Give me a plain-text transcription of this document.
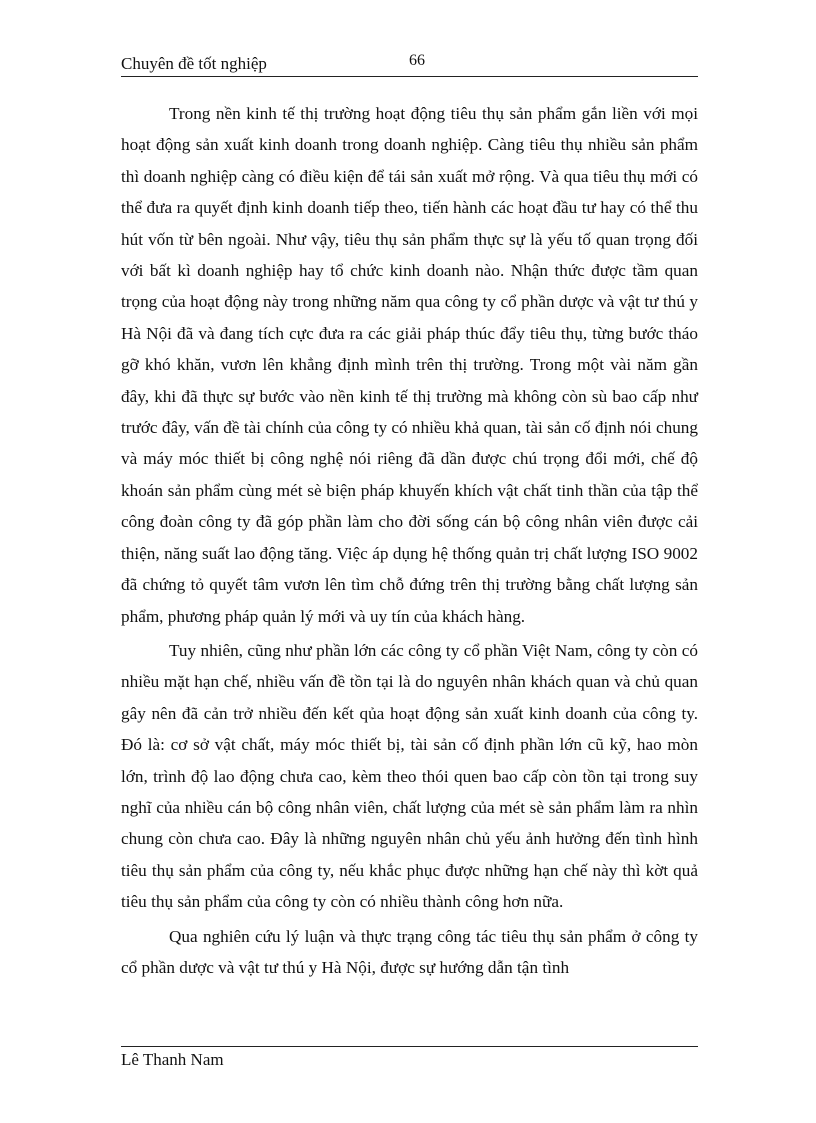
Chuyên đề tốt nghiệp	66

Trong nền kinh tế thị trường hoạt động tiêu thụ sản phẩm gắn liền với mọi hoạt động sản xuất kinh doanh trong doanh nghiệp. Càng tiêu thụ nhiều sản phẩm thì doanh nghiệp càng có điều kiện để tái sản xuất mở rộng. Và qua tiêu thụ mới có thể đưa ra quyết định kinh doanh tiếp theo, tiến hành các hoạt đầu tư hay có thể thu hút vốn từ bên ngoài. Như vậy, tiêu thụ sản phẩm thực sự là yếu tố quan trọng đối với bất kì doanh nghiệp hay tổ chức kinh doanh nào. Nhận thức được tầm quan trọng của hoạt động này trong những năm qua công ty cổ phần dược và vật tư thú y Hà Nội đã và đang tích cực đưa ra các giải pháp thúc đẩy tiêu thụ, từng bước tháo gỡ khó khăn, vươn lên khẳng định mình trên thị trường. Trong một vài năm gần đây, khi đã thực sự bước vào nền kinh tế thị trường mà không còn sù bao cấp như trước đây, vấn đề tài chính của công ty có nhiều khả quan, tài sản cố định nói chung và máy móc thiết bị công nghệ nói riêng đã dần được chú trọng đổi mới, chế độ khoán sản phẩm cùng mét sè biện pháp khuyến khích vật chất tinh thần của tập thể công đoàn công ty đã góp phần làm cho đời sống cán bộ công nhân viên được cải thiện, năng suất lao động tăng. Việc áp dụng hệ thống quản trị chất lượng ISO 9002 đã chứng tỏ quyết tâm vươn lên tìm chỗ đứng trên thị trường bằng chất lượng sản phẩm, phương pháp quản lý mới và uy tín của khách hàng.

Tuy nhiên, cũng như phần lớn các công ty cổ phần Việt Nam, công ty còn có nhiều mặt hạn chế, nhiều vấn đề tồn tại là do nguyên nhân khách quan và chủ quan gây nên đã cản trở nhiều đến kết qủa hoạt động sản xuất kinh doanh của công ty. Đó là: cơ sở vật chất, máy móc thiết bị, tài sản cố định phần lớn cũ kỹ, hao mòn lớn, trình độ lao động chưa cao, kèm theo thói quen bao cấp còn tồn tại trong suy nghĩ của nhiều cán bộ công nhân viên, chất lượng của mét sè sản phẩm làm ra nhìn chung còn chưa cao. Đây là những nguyên nhân chủ yếu ảnh hưởng đến tình hình tiêu thụ sản phẩm của công ty, nếu khắc phục được những hạn chế này thì kờt quả tiêu thụ sản phẩm của công ty còn có nhiều thành công hơn nữa.

Qua nghiên cứu lý luận và thực trạng công tác tiêu thụ sản phẩm ở công ty cổ phần dược và vật tư thú y Hà Nội, được sự hướng dẫn tận tình

Lê Thanh Nam
